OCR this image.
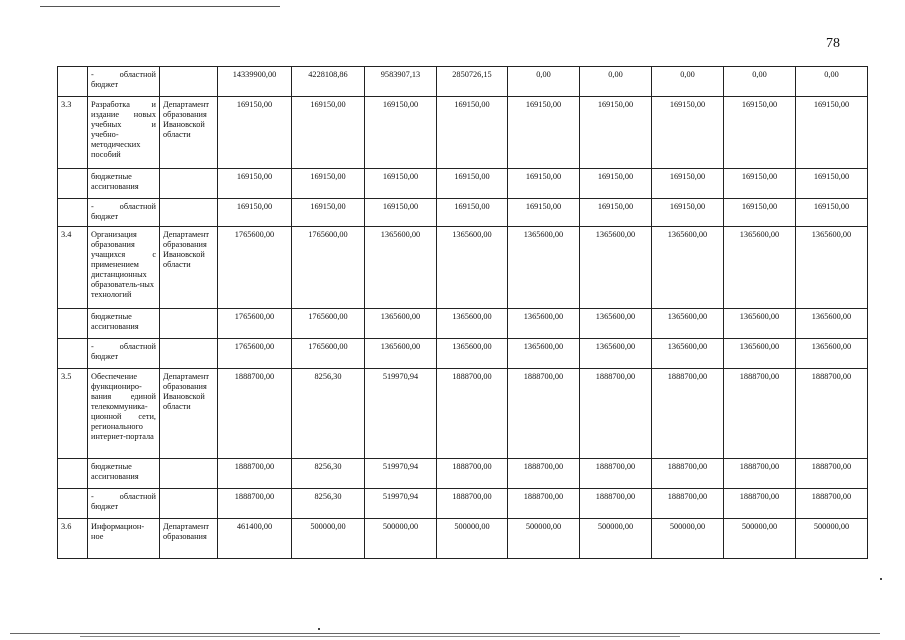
78
	- областной бюджет		14339900,00	4228108,86	9583907,13	2850726,15	0,00	0,00	0,00	0,00	0,00
3.3	Разработка и издание новых учебных и учебно-методических пособий	Департамент образования Ивановской области	169150,00	169150,00	169150,00	169150,00	169150,00	169150,00	169150,00	169150,00	169150,00
	бюджетные ассигнования		169150,00	169150,00	169150,00	169150,00	169150,00	169150,00	169150,00	169150,00	169150,00
	- областной бюджет		169150,00	169150,00	169150,00	169150,00	169150,00	169150,00	169150,00	169150,00	169150,00
3.4	Организация образования учащихся с применением дистанционных образователь-ных технологий	Департамент образования Ивановской области	1765600,00	1765600,00	1365600,00	1365600,00	1365600,00	1365600,00	1365600,00	1365600,00	1365600,00
	бюджетные ассигнования		1765600,00	1765600,00	1365600,00	1365600,00	1365600,00	1365600,00	1365600,00	1365600,00	1365600,00
	- областной бюджет		1765600,00	1765600,00	1365600,00	1365600,00	1365600,00	1365600,00	1365600,00	1365600,00	1365600,00
3.5	Обеспечение функциониро-вания единой телекоммуника-ционной сети, регионального интернет-портала	Департамент образования Ивановской области	1888700,00	8256,30	519970,94	1888700,00	1888700,00	1888700,00	1888700,00	1888700,00	1888700,00
	бюджетные ассигнования		1888700,00	8256,30	519970,94	1888700,00	1888700,00	1888700,00	1888700,00	1888700,00	1888700,00
	- областной бюджет		1888700,00	8256,30	519970,94	1888700,00	1888700,00	1888700,00	1888700,00	1888700,00	1888700,00
3.6	Информацион-ное	Департамент образования	461400,00	500000,00	500000,00	500000,00	500000,00	500000,00	500000,00	500000,00	500000,00
